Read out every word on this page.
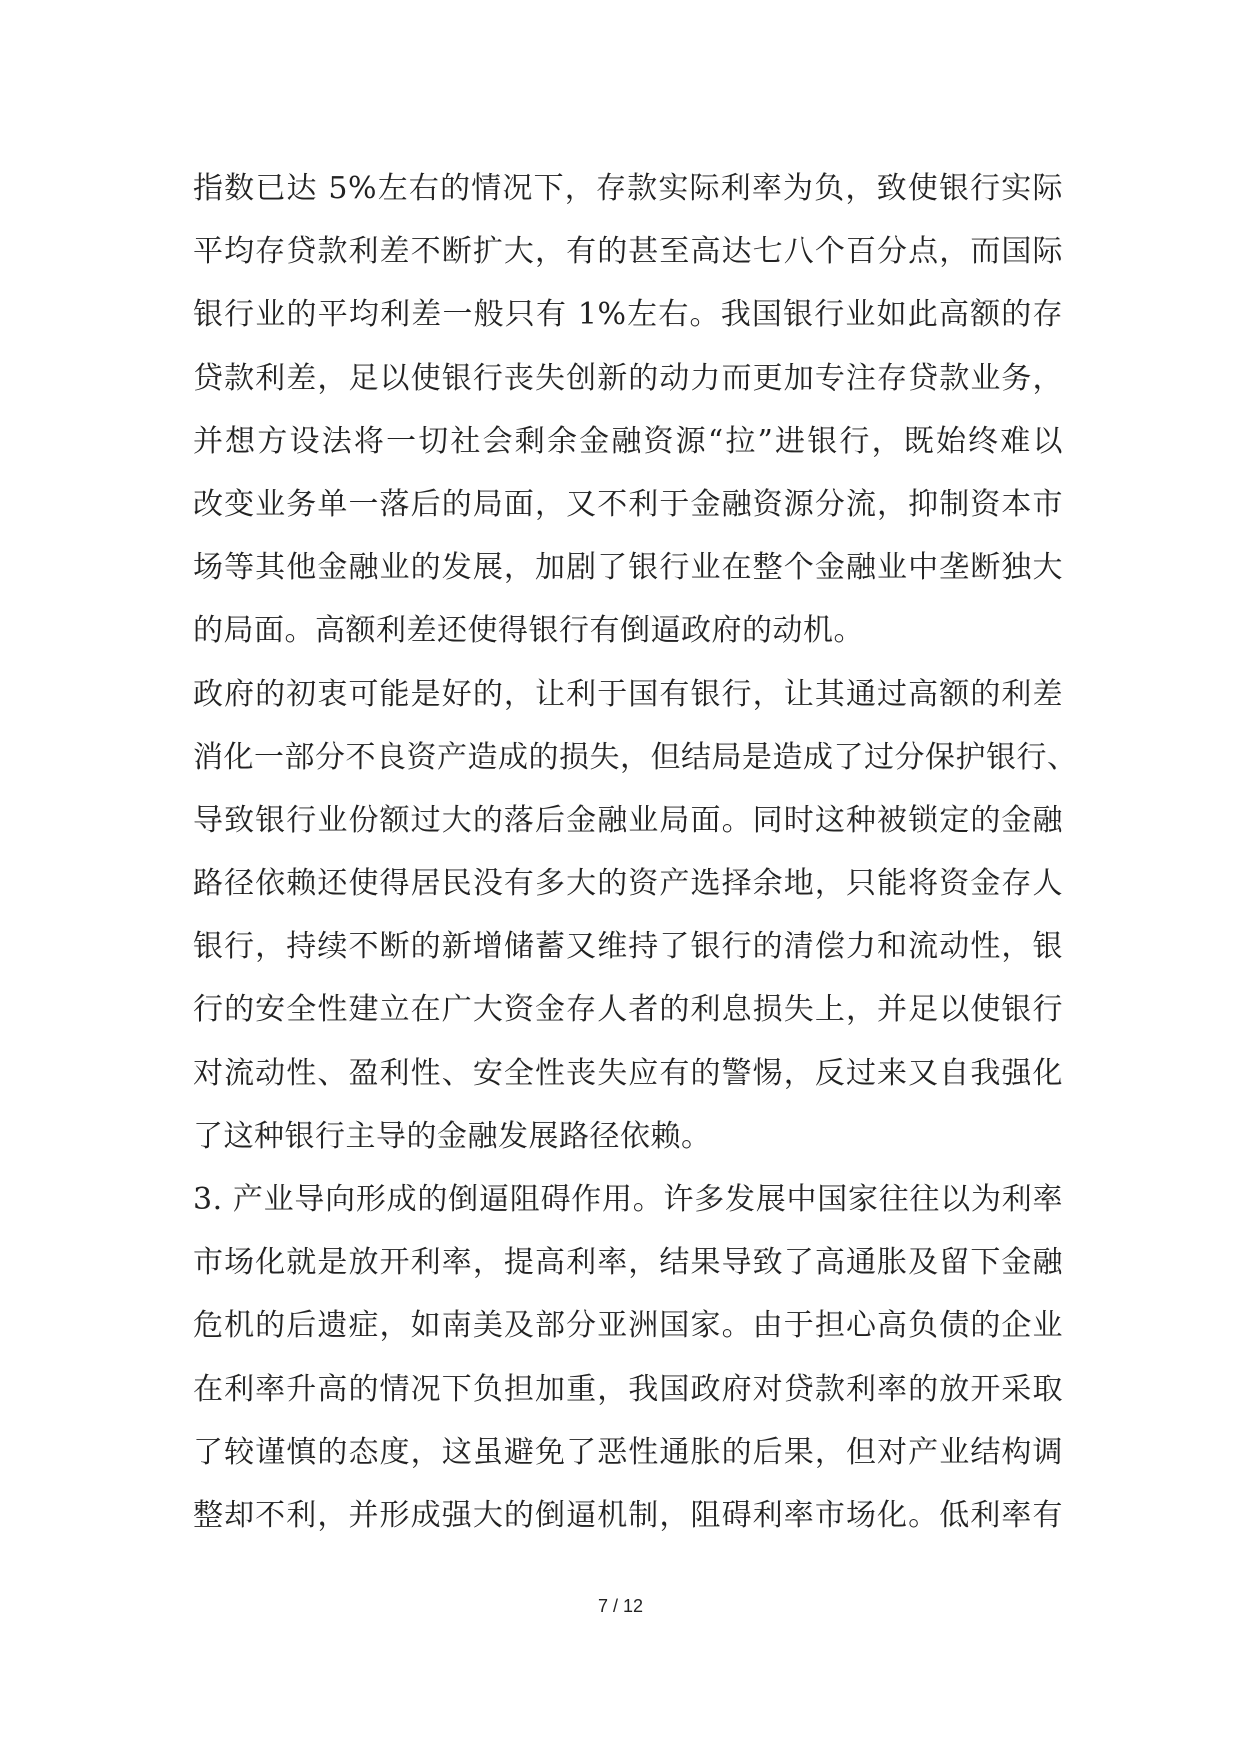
指数已达 5%左右的情况下，存款实际利率为负，致使银行实际
平均存贷款利差不断扩大，有的甚至高达七八个百分点，而国际
银行业的平均利差一般只有 1%左右。我国银行业如此高额的存
贷款利差，足以使银行丧失创新的动力而更加专注存贷款业务，
并想方设法将一切社会剩余金融资源“拉”进银行，既始终难以
改变业务单一落后的局面，又不利于金融资源分流，抑制资本市
场等其他金融业的发展，加剧了银行业在整个金融业中垄断独大
的局面。高额利差还使得银行有倒逼政府的动机。
政府的初衷可能是好的，让利于国有银行，让其通过高额的利差
消化一部分不良资产造成的损失，但结局是造成了过分保护银行、
导致银行业份额过大的落后金融业局面。同时这种被锁定的金融
路径依赖还使得居民没有多大的资产选择余地，只能将资金存人
银行，持续不断的新增储蓄又维持了银行的清偿力和流动性，银
行的安全性建立在广大资金存人者的利息损失上，并足以使银行
对流动性、盈利性、安全性丧失应有的警惕，反过来又自我强化
了这种银行主导的金融发展路径依赖。
3. 产业导向形成的倒逼阻碍作用。许多发展中国家往往以为利率
市场化就是放开利率，提高利率，结果导致了高通胀及留下金融
危机的后遗症，如南美及部分亚洲国家。由于担心高负债的企业
在利率升高的情况下负担加重，我国政府对贷款利率的放开采取
了较谨慎的态度，这虽避免了恶性通胀的后果，但对产业结构调
整却不利，并形成强大的倒逼机制，阻碍利率市场化。低利率有
7 / 12
